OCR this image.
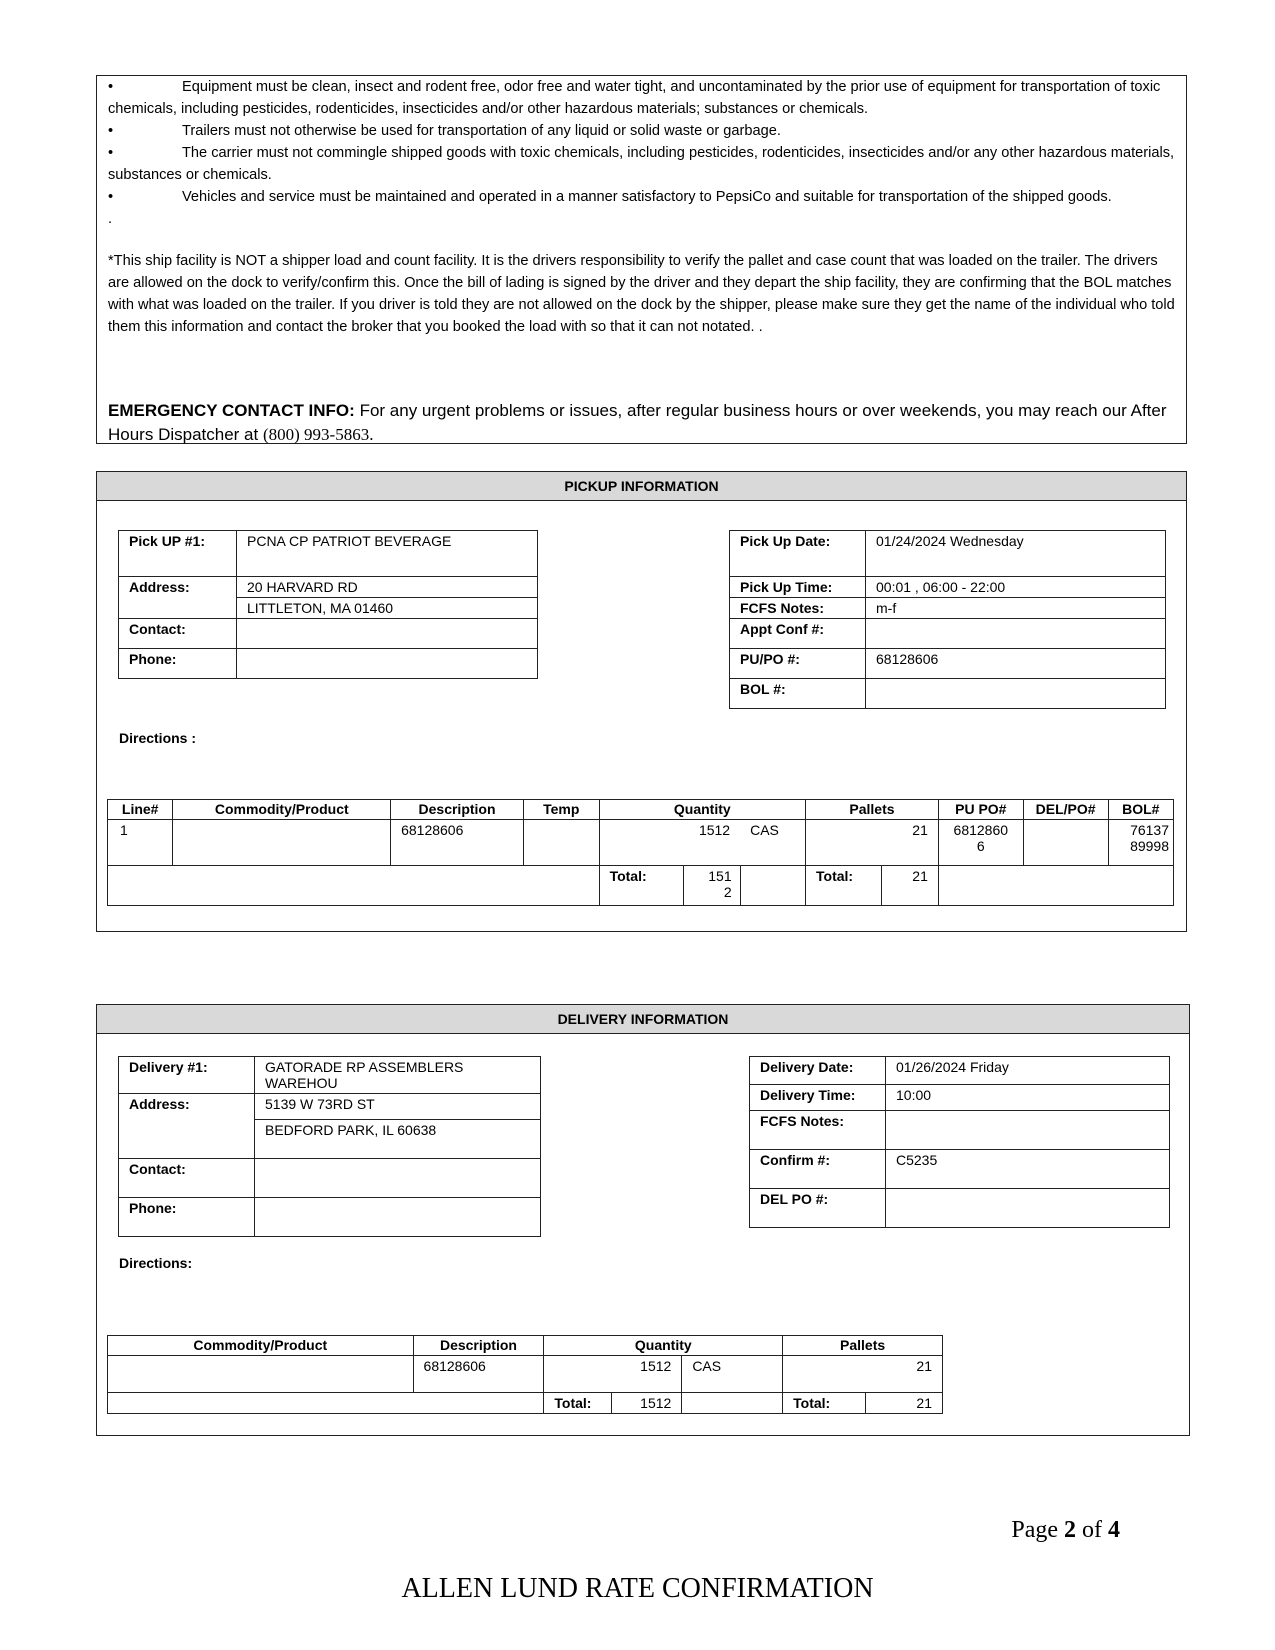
•	Equipment must be clean, insect and rodent free, odor free and water tight, and uncontaminated by the prior use of equipment for transportation of toxic chemicals, including pesticides, rodenticides, insecticides and/or other hazardous materials; substances or chemicals.
•	Trailers must not otherwise be used for transportation of any liquid or solid waste or garbage.
•	The carrier must not commingle shipped goods with toxic chemicals, including pesticides, rodenticides, insecticides and/or any other hazardous materials, substances or chemicals.
•	Vehicles and service must be maintained and operated in a manner satisfactory to PepsiCo and suitable for transportation of the shipped goods.
.
*This ship facility is NOT a shipper load and count facility. It is the drivers responsibility to verify the pallet and case count that was loaded on the trailer. The drivers are allowed on the dock to verify/confirm this. Once the bill of lading is signed by the driver and they depart the ship facility, they are confirming that the BOL matches with what was loaded on the trailer. If you driver is told they are not allowed on the dock by the shipper, please make sure they get the name of the individual who told them this information and contact the broker that you booked the load with so that it can not notated. .
EMERGENCY CONTACT INFO: For any urgent problems or issues, after regular business hours or over weekends, you may reach our After Hours Dispatcher at (800) 993-5863.
PICKUP INFORMATION
Pick UP #1:	PCNA CP PATRIOT BEVERAGE
Address:	20 HARVARD RD
	LITTLETON, MA 01460
Contact:	
Phone:	
Pick Up Date:	01/24/2024 Wednesday
Pick Up Time:	00:01 , 06:00 - 22:00
FCFS Notes:	m-f
Appt Conf #:	
PU/PO #:	68128606
BOL #:	
Directions :
Line#	Commodity/Product	Description	Temp	Quantity			Pallets		PU PO#	DEL/PO#	BOL#
1		68128606		1512		CAS	21		6812860 6		76137 89998
				Total:	151 2		Total:	21			
DELIVERY INFORMATION
Delivery #1:	GATORADE RP ASSEMBLERS WAREHOU
Address:	5139 W 73RD ST
	BEDFORD PARK, IL 60638
Contact:	
Phone:	
Delivery Date:	01/26/2024 Friday
Delivery Time:	10:00
FCFS Notes:	
Confirm #:	C5235
DEL PO #:	
Directions:
Commodity/Product	Description	Quantity			Pallets	
	68128606	1512		CAS	21	
		Total:	1512		Total:	21
Page 2 of 4
ALLEN LUND RATE CONFIRMATION
